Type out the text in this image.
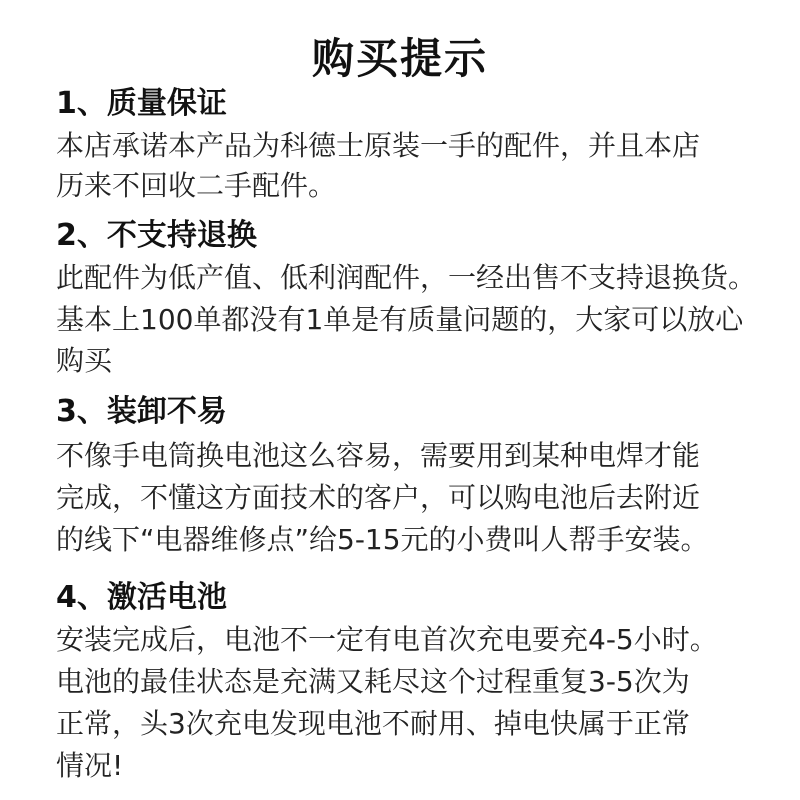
购买提示
1、质量保证
本店承诺本产品为科德士原装一手的配件，并且本店
历来不回收二手配件。
2、不支持退换
此配件为低产值、低利润配件，一经出售不支持退换货。
基本上100单都没有1单是有质量问题的，大家可以放心
购买
3、装卸不易
不像手电筒换电池这么容易，需要用到某种电焊才能
完成，不懂这方面技术的客户，可以购电池后去附近
的线下“电器维修点”给5-15元的小费叫人帮手安装。
4、激活电池
安装完成后，电池不一定有电首次充电要充4-5小时。
电池的最佳状态是充满又耗尽这个过程重复3-5次为
正常，头3次充电发现电池不耐用、掉电快属于正常
情况!
